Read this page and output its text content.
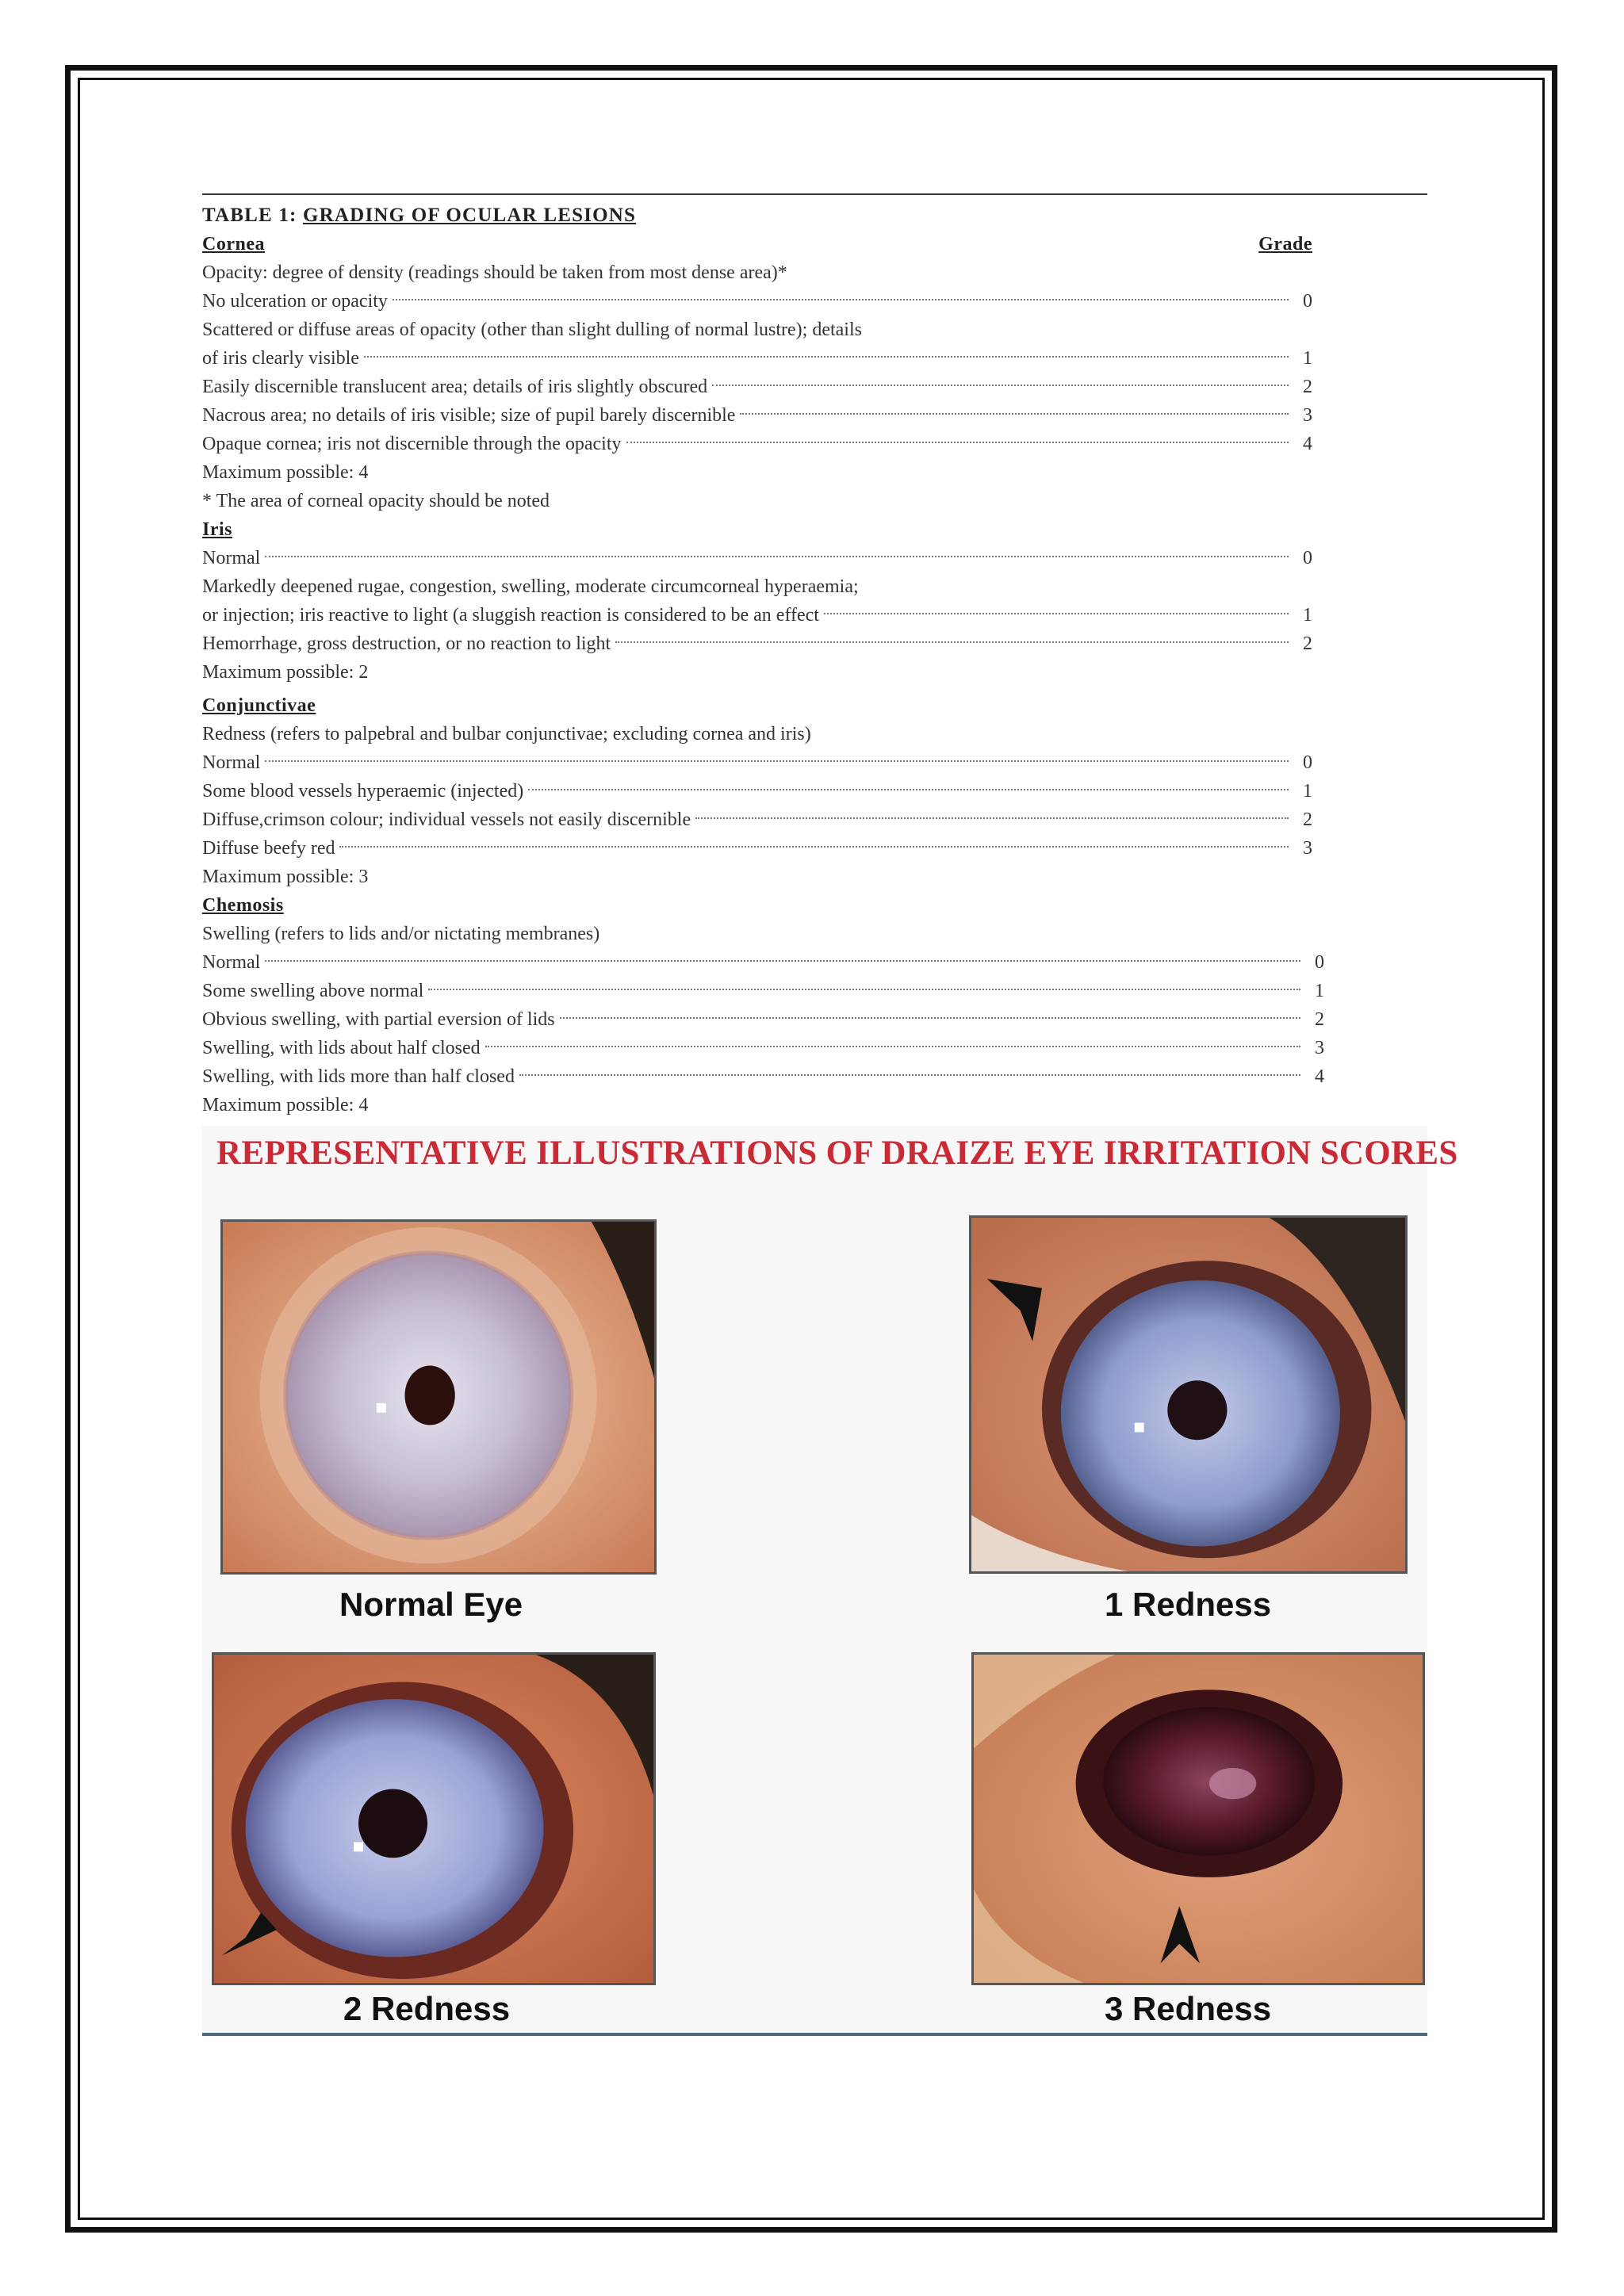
TABLE 1: GRADING OF OCULAR LESIONS
Cornea	Grade
Opacity: degree of density (readings should be taken from most dense area)*
No ulceration or opacity	0
Scattered or diffuse areas of opacity (other than slight dulling of normal lustre); details
of iris clearly visible	1
Easily discernible translucent area; details of iris slightly obscured	2
Nacrous area; no details of iris visible; size of pupil barely discernible	3
Opaque cornea; iris not discernible through the opacity	4
Maximum possible: 4
* The area of corneal opacity should be noted
Iris
Normal	0
Markedly deepened rugae, congestion, swelling, moderate circumcorneal hyperaemia;
or injection; iris reactive to light (a sluggish reaction is considered to be an effect	1
Hemorrhage, gross destruction, or no reaction to light	2
Maximum possible: 2
Conjunctivae
Redness (refers to palpebral and bulbar conjunctivae; excluding cornea and iris)
Normal	0
Some blood vessels hyperaemic (injected)	1
Diffuse,crimson colour; individual vessels not easily discernible	2
Diffuse beefy red	3
Maximum possible: 3
Chemosis
Swelling (refers to lids and/or nictating membranes)
Normal	0
Some swelling above normal	1
Obvious swelling, with partial eversion of lids	2
Swelling, with lids about half closed	3
Swelling, with lids more than half closed	4
Maximum possible: 4
REPRESENTATIVE ILLUSTRATIONS OF DRAIZE EYE IRRITATION SCORES
Normal Eye	1 Redness
2 Redness	3 Redness
